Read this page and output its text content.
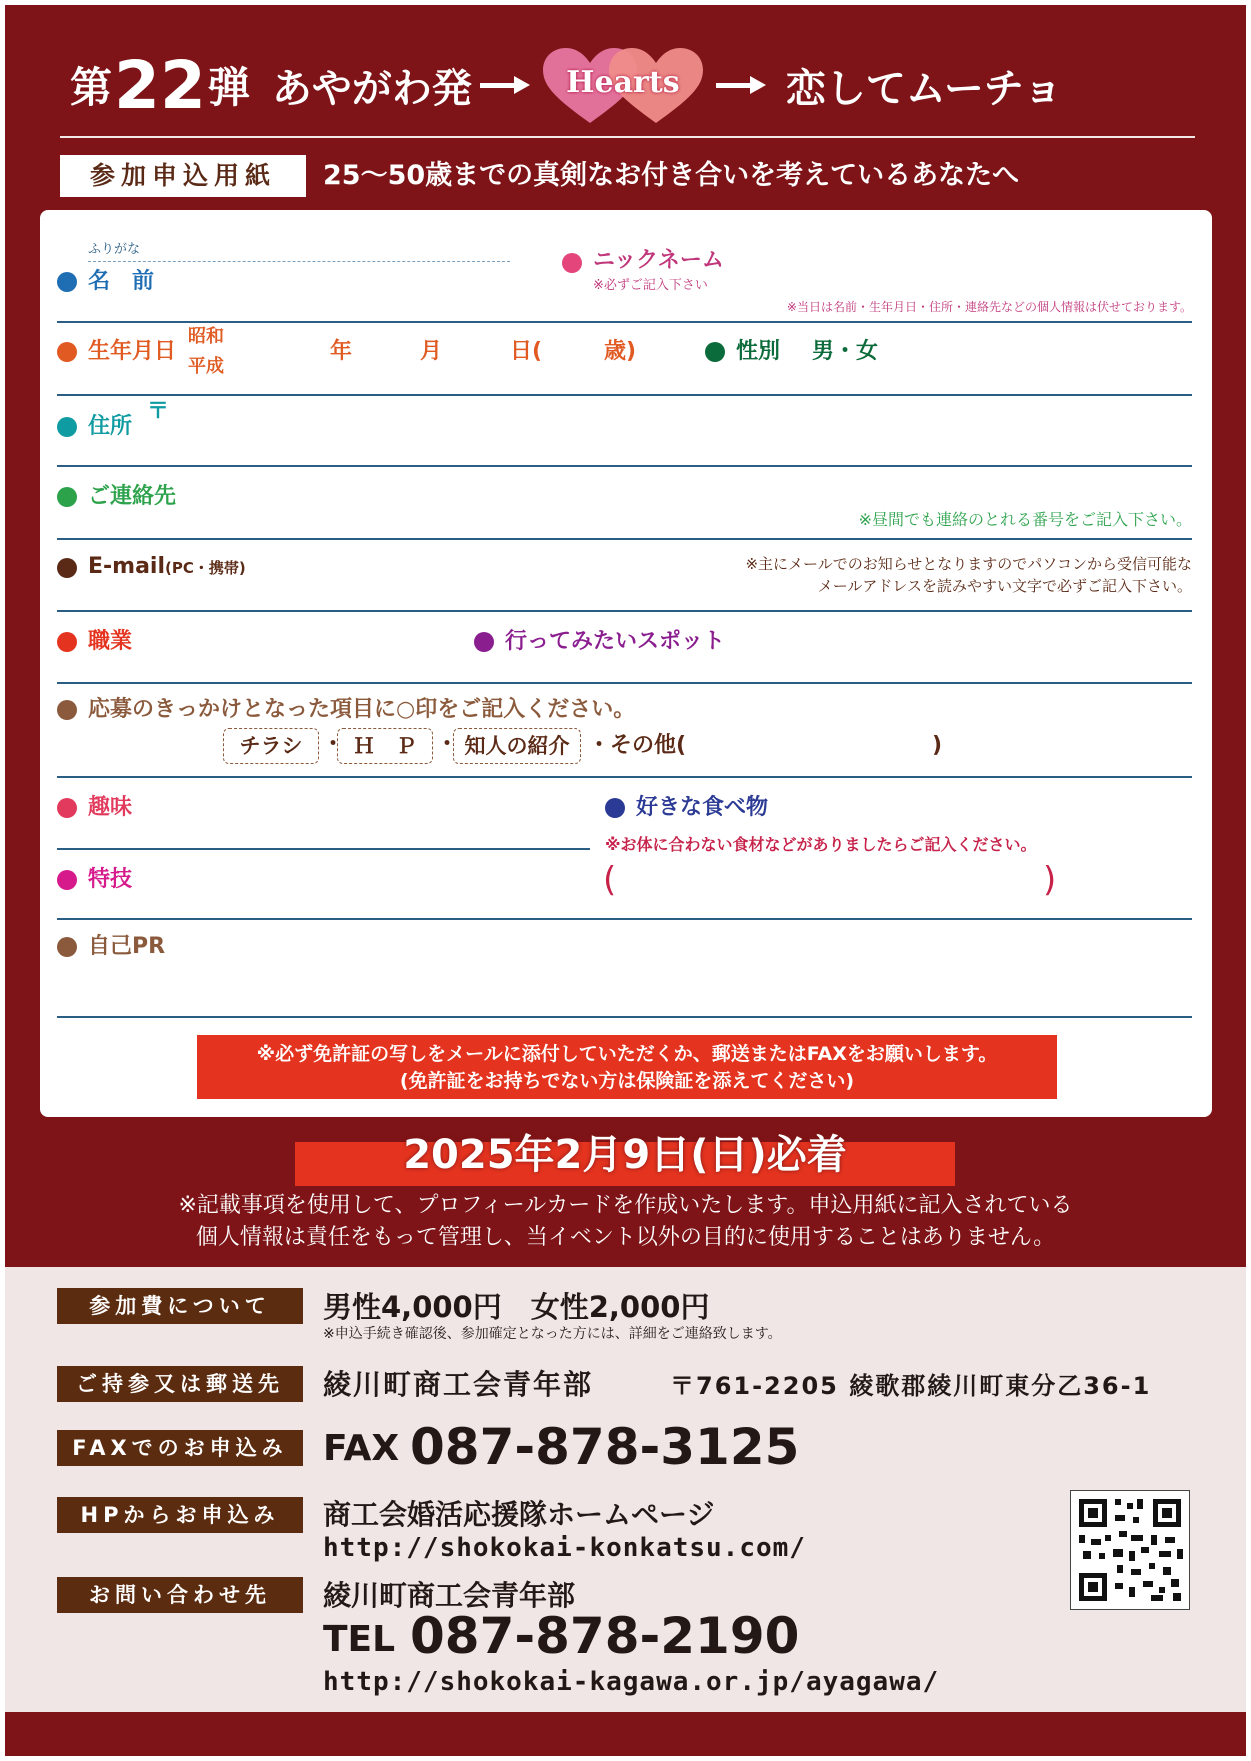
第 22 弾 あやがわ発	Hearts	恋してムーチョ
参加申込用紙	25〜50歳までの真剣なお付き合いを考えているあなたへ
ふりがな
名　前
ニックネーム
※必ずご記入下さい
※当日は名前・生年月日・住所・連絡先などの個人情報は伏せております。
生年月日
昭和
平成
年	月	日(	歳)	性別 男・女
住所
〒
ご連絡先
※昼間でも連絡のとれる番号をご記入下さい。
E-mail(PC・携帯)	※主にメールでのお知らせとなりますのでパソコンから受信可能な
メールアドレスを読みやすい文字で必ずご記入下さい。
職業	行ってみたいスポット
応募のきっかけとなった項目に○印をご記入ください。
チラシ ・ Ｈ　Ｐ ・ 知人の紹介 ・その他(	)
趣味	好きな食べ物
※お体に合わない食材などがありましたらご記入ください。
特技	(	)
自己PR
※必ず免許証の写しをメールに添付していただくか、郵送またはFAXをお願いします。
(免許証をお持ちでない方は保険証を添えてください)
2025年2月9日(日)必着
※記載事項を使用して、プロフィールカードを作成いたします。申込用紙に記入されている
個人情報は責任をもって管理し、当イベント以外の目的に使用することはありません。
参加費について	男性4,000円　女性2,000円
※申込手続き確認後、参加確定となった方には、詳細をご連絡致します。
ご持参又は郵送先	綾川町商工会青年部	〒761-2205 綾歌郡綾川町東分乙36-1
FAXでのお申込み FAX 087-878-3125
HPからお申込み	商工会婚活応援隊ホームページ
http://shokokai-konkatsu.com/
お問い合わせ先	綾川町商工会青年部
TEL 087-878-2190
http://shokokai-kagawa.or.jp/ayagawa/
